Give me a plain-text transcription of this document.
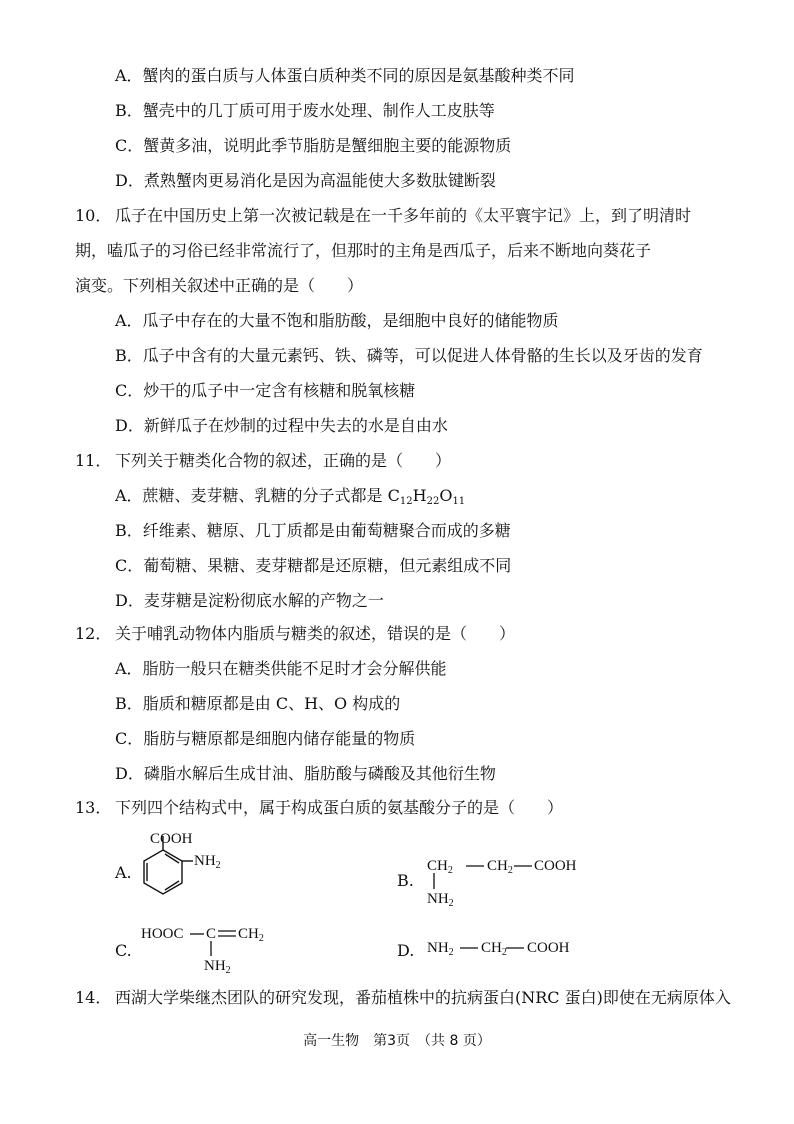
A．蟹肉的蛋白质与人体蛋白质种类不同的原因是氨基酸种类不同
B．蟹壳中的几丁质可用于废水处理、制作人工皮肤等
C．蟹黄多油，说明此季节脂肪是蟹细胞主要的能源物质
D．煮熟蟹肉更易消化是因为高温能使大多数肽键断裂
10． 瓜子在中国历史上第一次被记载是在一千多年前的《太平寰宇记》上，到了明清时
期，嗑瓜子的习俗已经非常流行了，但那时的主角是西瓜子，后来不断地向葵花子
演变。下列相关叙述中正确的是（　　）
A．瓜子中存在的大量不饱和脂肪酸，是细胞中良好的储能物质
B．瓜子中含有的大量元素钙、铁、磷等，可以促进人体骨骼的生长以及牙齿的发育
C．炒干的瓜子中一定含有核糖和脱氧核糖
D．新鲜瓜子在炒制的过程中失去的水是自由水
11． 下列关于糖类化合物的叙述，正确的是（　　）
A．蔗糖、麦芽糖、乳糖的分子式都是 $C_{12}H_{22}O_{11}$
B．纤维素、糖原、几丁质都是由葡萄糖聚合而成的多糖
C．葡萄糖、果糖、麦芽糖都是还原糖，但元素组成不同
D．麦芽糖是淀粉彻底水解的产物之一
12． 关于哺乳动物体内脂质与糖类的叙述，错误的是（　　）
A．脂肪一般只在糖类供能不足时才会分解供能
B．脂质和糖原都是由 C、H、O 构成的
C．脂肪与糖原都是细胞内储存能量的物质
D．磷脂水解后生成甘油、脂肪酸与磷酸及其他衍生物
13． 下列四个结构式中，属于构成蛋白质的氨基酸分子的是（　　）
A.
COOH
$NH_2$
B.
$CH_2$ $CH_2$ COOH
$NH_2$
C.
HOOC C $CH_2$
$NH_2$
D. $NH_2$ $CH_2$ COOH
14． 西湖大学柴继杰团队的研究发现，番茄植株中的抗病蛋白(NRC 蛋白)即使在无病原体入
高一生物　第3页　（共 8 页）
